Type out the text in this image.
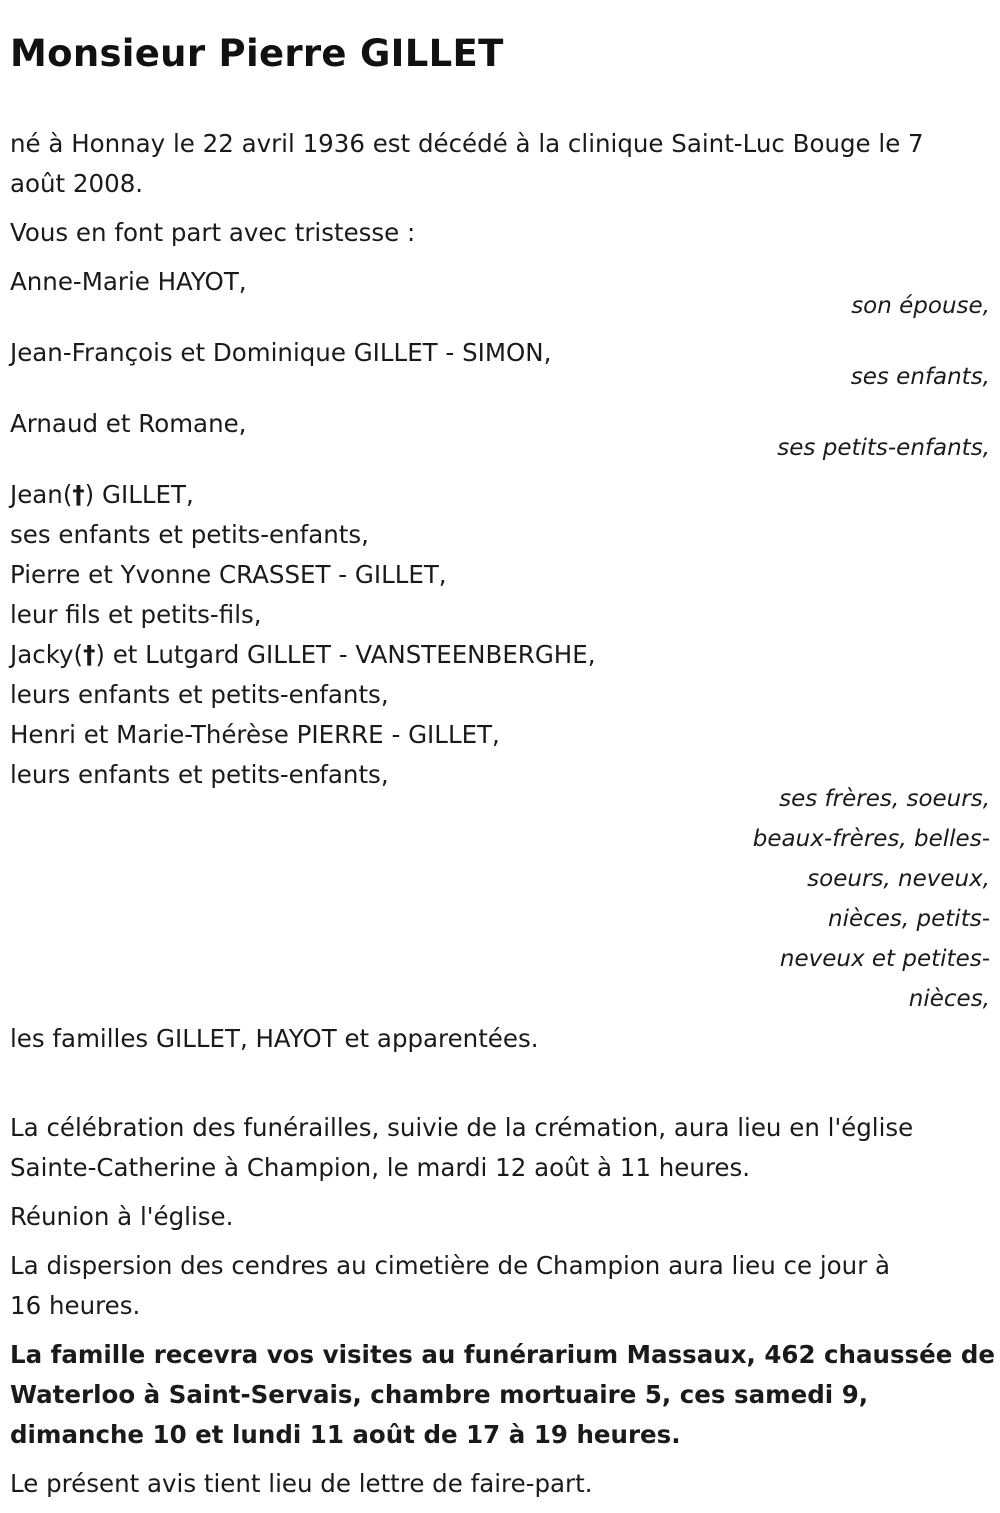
Monsieur Pierre GILLET
né à Honnay le 22 avril 1936 est décédé à la clinique Saint-Luc Bouge le 7
août 2008.
Vous en font part avec tristesse :
Anne-Marie HAYOT,
son épouse,
Jean-François et Dominique GILLET - SIMON,
ses enfants,
Arnaud et Romane,
ses petits-enfants,
Jean(†) GILLET,
ses enfants et petits-enfants,
Pierre et Yvonne CRASSET - GILLET,
leur fils et petits-fils,
Jacky(†) et Lutgard GILLET - VANSTEENBERGHE,
leurs enfants et petits-enfants,
Henri et Marie-Thérèse PIERRE - GILLET,
leurs enfants et petits-enfants,
ses frères, soeurs,
beaux-frères, belles-
soeurs, neveux,
nièces, petits-
neveux et petites-
nièces,
les familles GILLET, HAYOT et apparentées.
La célébration des funérailles, suivie de la crémation, aura lieu en l'église
Sainte-Catherine à Champion, le mardi 12 août à 11 heures.
Réunion à l'église.
La dispersion des cendres au cimetière de Champion aura lieu ce jour à
16 heures.
La famille recevra vos visites au funérarium Massaux, 462 chaussée de
Waterloo à Saint-Servais, chambre mortuaire 5, ces samedi 9,
dimanche 10 et lundi 11 août de 17 à 19 heures.
Le présent avis tient lieu de lettre de faire-part.
